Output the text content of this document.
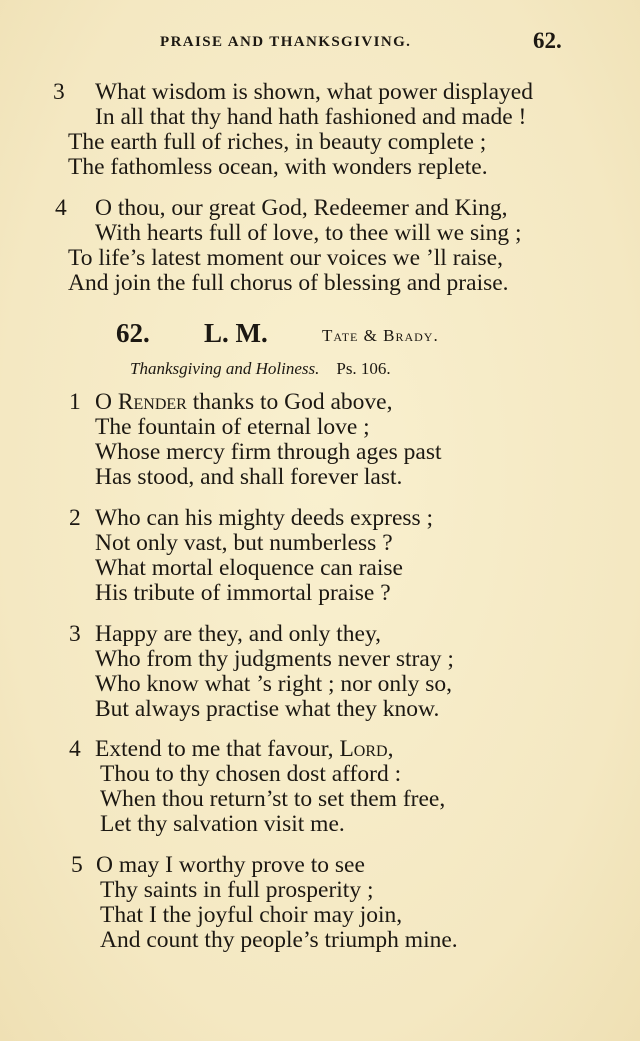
PRAISE AND THANKSGIVING.	62.
3 What wisdom is shown, what power displayed
In all that thy hand hath fashioned and made !
The earth full of riches, in beauty complete ;
The fathomless ocean, with wonders replete.
4 O thou, our great God, Redeemer and King,
With hearts full of love, to thee will we sing ;
To life’s latest moment our voices we ’ll raise,
And join the full chorus of blessing and praise.
62. L. M.	Tate & Brady.
Thanksgiving and Holiness. Ps. 106.
1 O Render thanks to God above,
The fountain of eternal love ;
Whose mercy firm through ages past
Has stood, and shall forever last.
2 Who can his mighty deeds express ;
Not only vast, but numberless ?
What mortal eloquence can raise
His tribute of immortal praise ?
3 Happy are they, and only they,
Who from thy judgments never stray ;
Who know what ’s right ; nor only so,
But always practise what they know.
4 Extend to me that favour, Lord,
Thou to thy chosen dost afford :
When thou return’st to set them free,
Let thy salvation visit me.
5 O may I worthy prove to see
Thy saints in full prosperity ;
That I the joyful choir may join,
And count thy people’s triumph mine.
